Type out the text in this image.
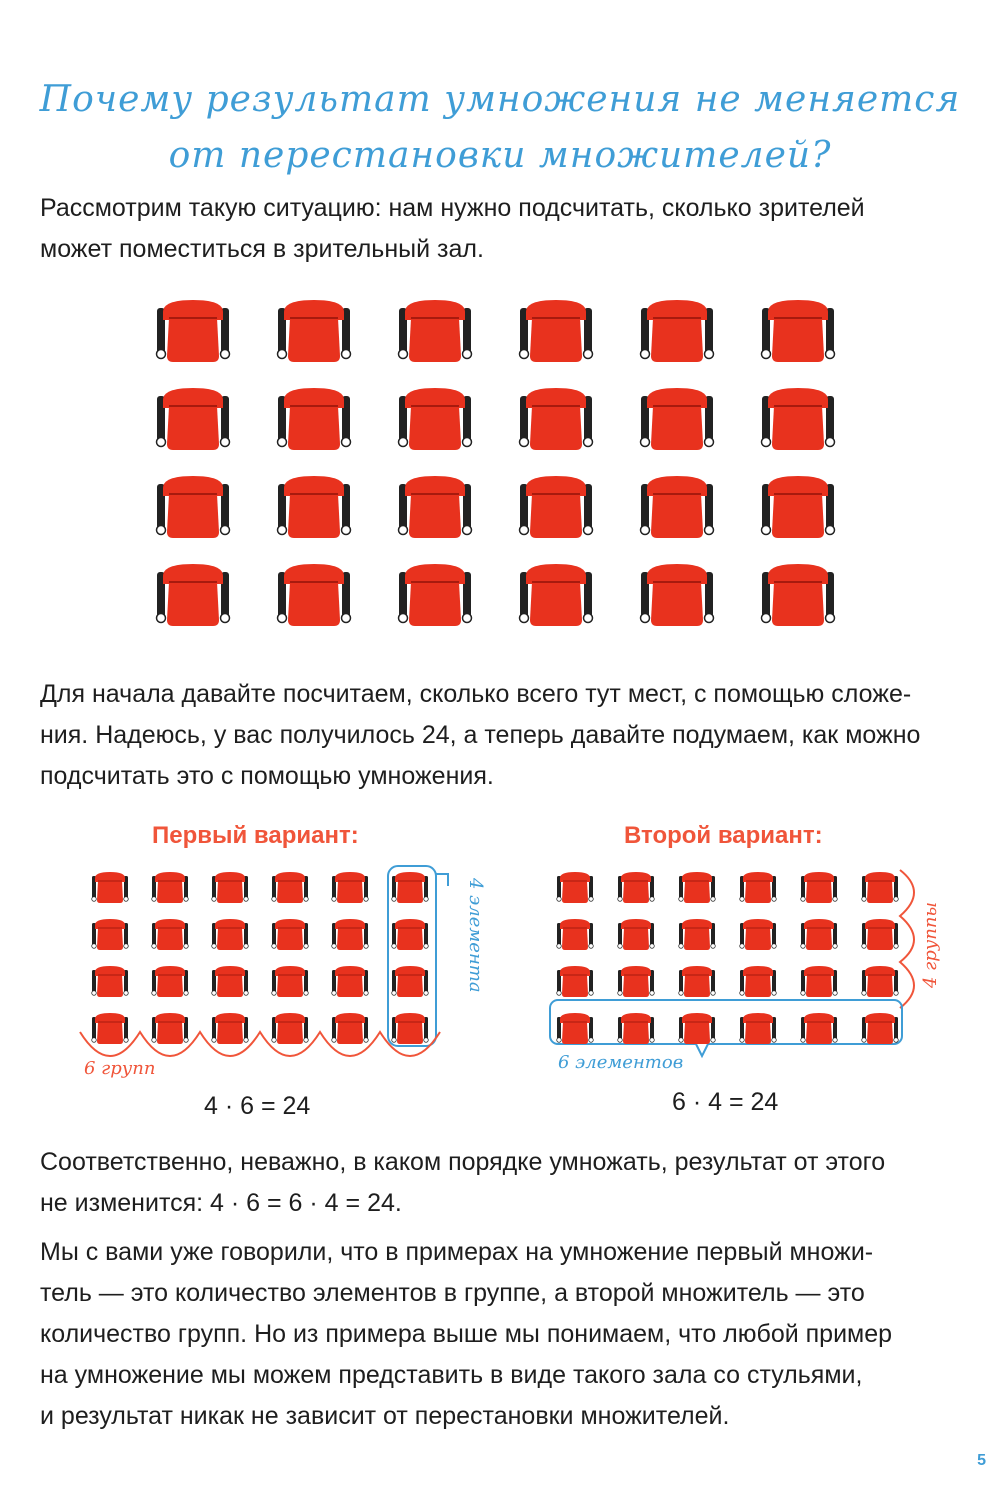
Почему результат умножения не меняется
от перестановки множителей?
Рассмотрим такую ситуацию: нам нужно подсчитать, сколько зрителей
может поместиться в зрительный зал.
Для начала давайте посчитаем, сколько всего тут мест, с помощью сложе-
ния. Надеюсь, у вас получилось 24, а теперь давайте подумаем, как можно
подсчитать это с помощью умножения.
Первый вариант:	Второй вариант:
4 элемента
6 групп
4 группы
6 элементов
4 · 6 = 24	6 · 4 = 24
Соответственно, неважно, в каком порядке умножать, результат от этого
не изменится: 4 · 6 = 6 · 4 = 24.
Мы с вами уже говорили, что в примерах на умножение первый множи-
тель — это количество элементов в группе, а второй множитель — это
количество групп. Но из примера выше мы понимаем, что любой пример
на умножение мы можем представить в виде такого зала со стульями,
и результат никак не зависит от перестановки множителей.
5
